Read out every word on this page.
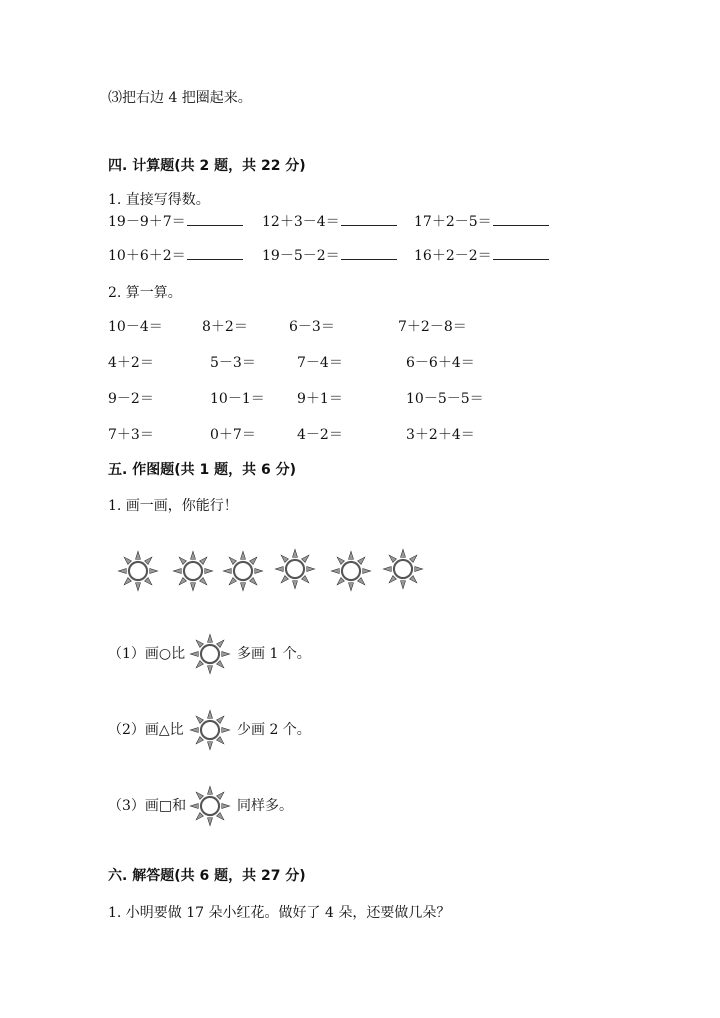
⑶把右边 4 把圈起来。
四. 计算题(共 2 题，共 22 分)
1. 直接写得数。
19－9＋7＝	12＋3－4＝	17＋2－5＝
10＋6＋2＝	19－5－2＝	16＋2－2＝
2. 算一算。
10－4＝	8＋2＝	6－3＝	7＋2－8＝
4＋2＝	5－3＝	7－4＝	6－6＋4＝
9－2＝	10－1＝ 9＋1＝	10－5－5＝
7＋3＝	0＋7＝	4－2＝	3＋2＋4＝
五. 作图题(共 1 题，共 6 分)
1. 画一画，你能行！
（1）画○比	多画 1 个。
（2）画△比	少画 2 个。
（3）画□和	同样多。
六. 解答题(共 6 题，共 27 分)
1. 小明要做 17 朵小红花。做好了 4 朵，还要做几朵？
